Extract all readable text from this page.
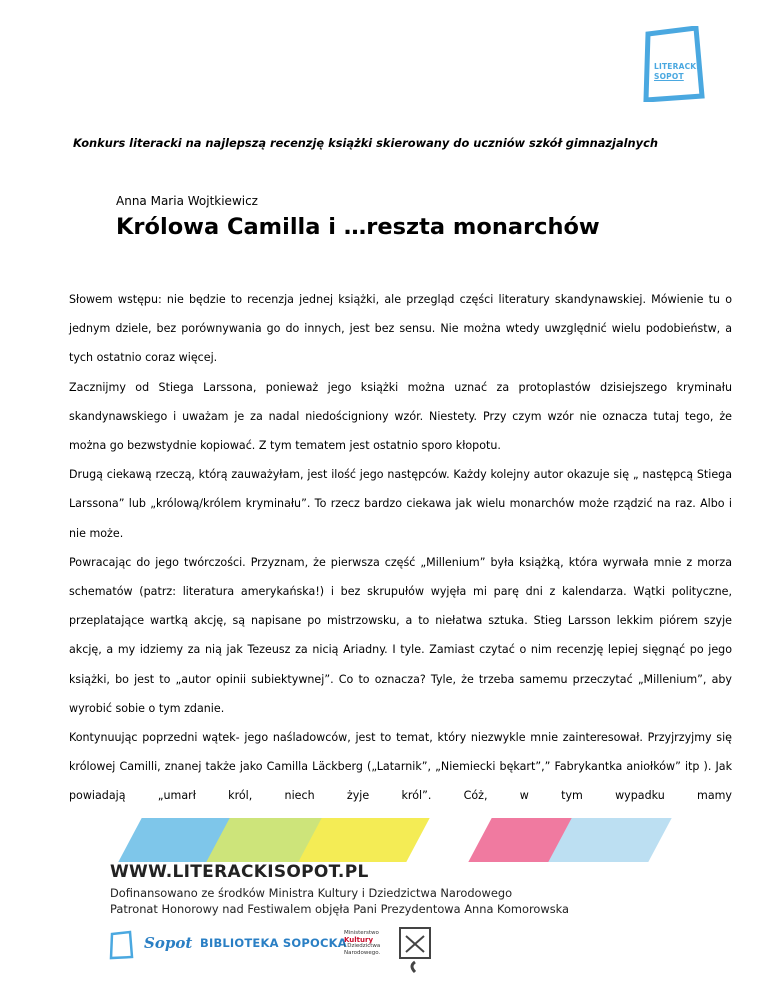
LITERACKI
SOPOT
Konkurs literacki na najlepszą recenzję książki skierowany do uczniów szkół gimnazjalnych
Anna Maria Wojtkiewicz
Królowa Camilla i …reszta monarchów

Słowem wstępu: nie będzie to recenzja jednej książki, ale przegląd części literatury skandynawskiej. Mówienie tu o jednym dziele, bez porównywania go do innych, jest bez sensu. Nie można wtedy uwzględnić wielu podobieństw, a tych ostatnio coraz więcej.

Zacznijmy od Stiega Larssona, ponieważ jego książki można uznać za protoplastów dzisiejszego kryminału skandynawskiego i uważam je za nadal niedościgniony wzór. Niestety. Przy czym wzór nie oznacza tutaj tego, że można go bezwstydnie kopiować. Z tym tematem jest ostatnio sporo kłopotu.

Drugą ciekawą rzeczą, którą zauważyłam, jest ilość jego następców. Każdy kolejny autor okazuje się „ następcą Stiega Larssona” lub „królową/królem kryminału”. To rzecz bardzo ciekawa jak wielu monarchów może rządzić na raz. Albo i nie może.

Powracając do jego twórczości. Przyznam, że pierwsza część „Millenium” była książką, która wyrwała mnie z morza schematów (patrz: literatura amerykańska!) i bez skrupułów wyjęła mi parę dni z kalendarza. Wątki polityczne, przeplatające wartką akcję, są napisane po mistrzowsku, a to niełatwa sztuka. Stieg Larsson lekkim piórem szyje akcję, a my idziemy za nią jak Tezeusz za nicią Ariadny. I tyle. Zamiast czytać o nim recenzję lepiej sięgnąć po jego książki, bo jest to „autor opinii subiektywnej”. Co to oznacza? Tyle, że trzeba samemu przeczytać „Millenium”, aby wyrobić sobie o tym zdanie.

Kontynuując poprzedni wątek- jego naśladowców, jest to temat, który niezwykle mnie zainteresował. Przyjrzyjmy się królowej Camilli, znanej także jako Camilla Läckberg („Latarnik”, „Niemiecki bękart”,” Fabrykantka aniołków” itp ). Jak powiadają „umarł król, niech żyje król”. Cóż, w tym wypadku mamy

WWW.LITERACKISOPOT.PL
Dofinansowano ze środków Ministra Kultury i Dziedzictwa Narodowego
Patronat Honorowy nad Festiwalem objęła Pani Prezydentowa Anna Komorowska
Sopot BIBLIOTEKA SOPOCKA
Ministerstwo
Kultury
i Dziedzictwa
Narodowego.
